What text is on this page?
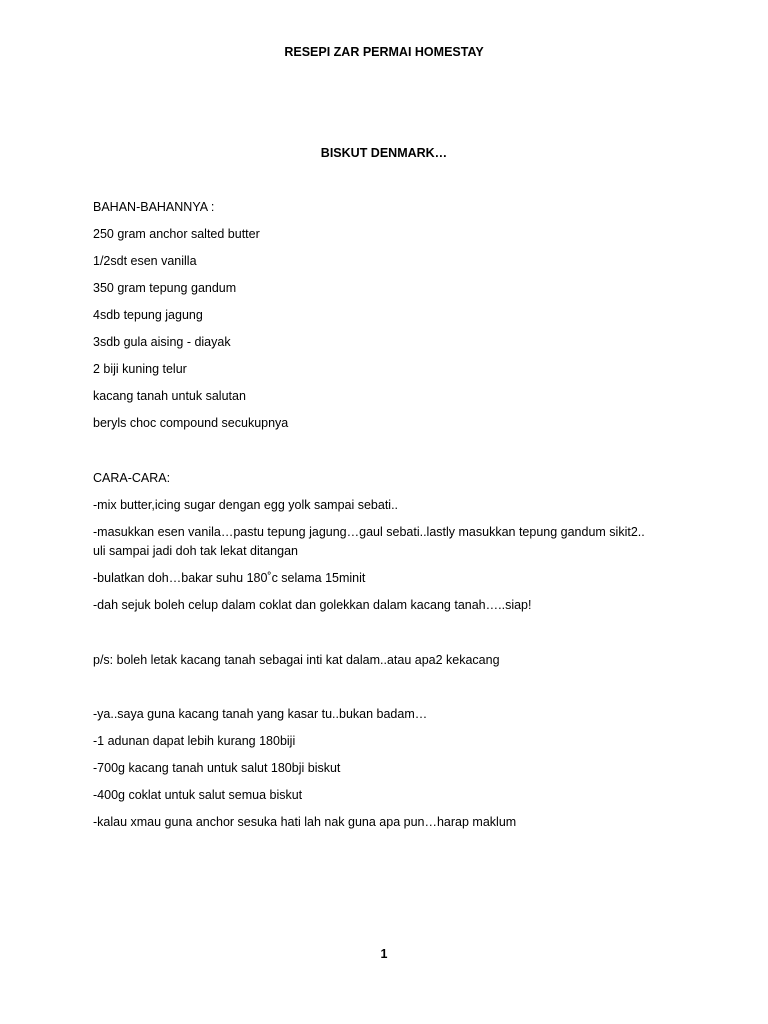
RESEPI ZAR PERMAI HOMESTAY
BISKUT DENMARK…
BAHAN-BAHANNYA :
250 gram anchor salted butter
1/2sdt esen vanilla
350 gram tepung gandum
4sdb tepung jagung
3sdb gula aising - diayak
2 biji kuning telur
kacang tanah untuk salutan
beryls choc compound secukupnya
CARA-CARA:
-mix butter,icing sugar dengan egg yolk sampai sebati..
-masukkan esen vanila…pastu tepung jagung…gaul sebati..lastly masukkan tepung gandum sikit2..
uli sampai jadi doh tak lekat ditangan
-bulatkan doh…bakar suhu 180˚c selama 15minit
-dah sejuk boleh celup dalam coklat dan golekkan dalam kacang tanah…..siap!
p/s: boleh letak kacang tanah sebagai inti kat dalam..atau apa2 kekacang
-ya..saya guna kacang tanah yang kasar tu..bukan badam…
-1 adunan dapat lebih kurang 180biji
-700g kacang tanah untuk salut 180bji biskut
-400g coklat untuk salut semua biskut
-kalau xmau guna anchor sesuka hati lah nak guna apa pun…harap maklum
1
